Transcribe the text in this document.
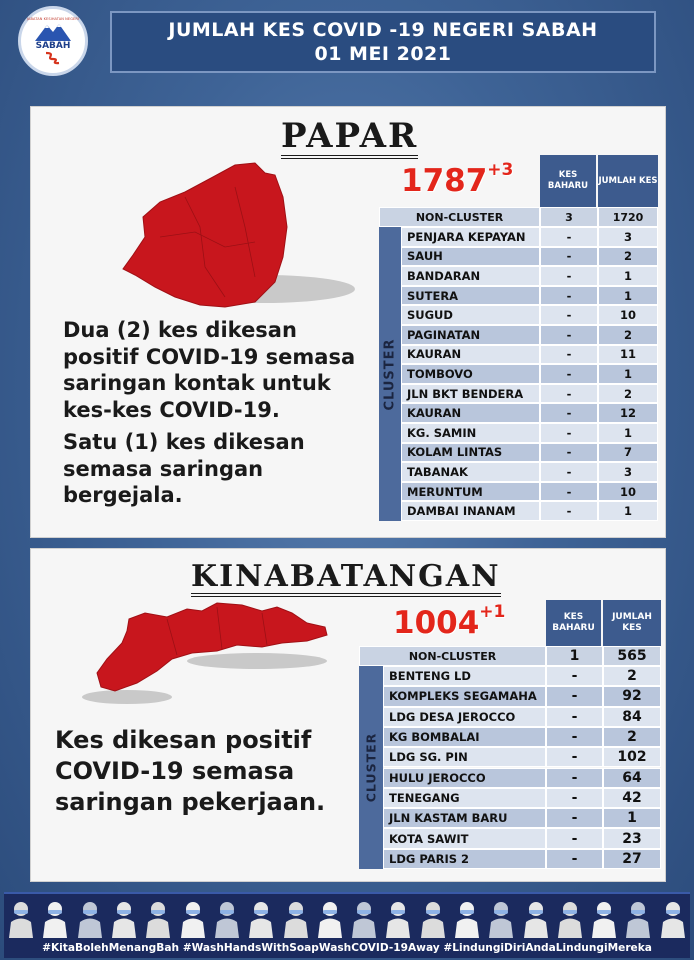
JABATAN KESIHATAN NEGERI
SABAH
JUMLAH KES COVID -19 NEGERI SABAH
01 MEI 2021
PAPAR
$1787^{+3}$

Dua (2) kes dikesan positif COVID-19 semasa saringan kontak untuk kes-kes COVID-19.

Satu (1) kes dikesan semasa saringan bergejala.

KES BAHARU
JUMLAH KES
NON-CLUSTER	3	1720
CLUSTER
PENJARA KEPAYAN	-	3
SAUH	-	2
BANDARAN	-	1
SUTERA	-	1
SUGUD	-	10
PAGINATAN	-	2
KAURAN	-	11
TOMBOVO	-	1
JLN BKT BENDERA	-	2
KAURAN	-	12
KG. SAMIN	-	1
KOLAM LINTAS	-	7
TABANAK	-	3
MERUNTUM	-	10
DAMBAI INANAM	-	1
KINABATANGAN
$1004^{+1}$

Kes dikesan positif COVID-19 semasa saringan pekerjaan.

KES BAHARU
JUMLAH KES
NON-CLUSTER	1	565
CLUSTER
BENTENG LD	-	2
KOMPLEKS SEGAMAHA	-	92
LDG DESA JEROCCO	-	84
KG BOMBALAI	-	2
LDG SG. PIN	-	102
HULU JEROCCO	-	64
TENEGANG	-	42
JLN KASTAM BARU	-	1
KOTA SAWIT	-	23
LDG PARIS 2	-	27
#KitaBolehMenangBah #WashHandsWithSoapWashCOVID-19Away #LindungiDiriAndaLindungiMereka
